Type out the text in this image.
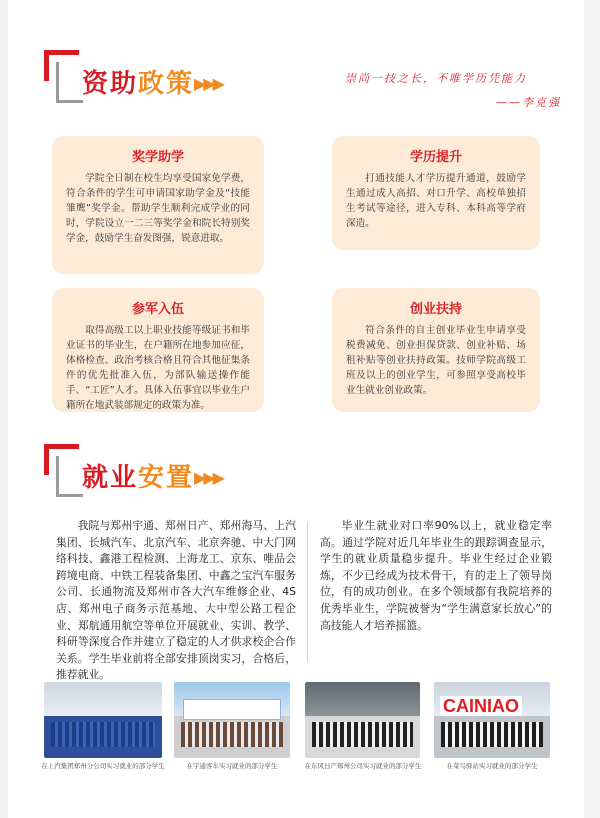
资助政策 ▶▶▶	崇尚一技之长，不唯学历凭能力
——李克强
奖学助学
学院全日制在校生均享受国家免学费，符合条件的学生可申请国家助学金及“技能雏鹰”奖学金。帮助学生顺利完成学业的同时，学院设立一二三等奖学金和院长特别奖学金，鼓励学生奋发图强，锐意进取。
学历提升
打通技能人才学历提升通道，鼓励学生通过成人高招、对口升学、高校单独招生考试等途径，进入专科、本科高等学府深造。
参军入伍
取得高级工以上职业技能等级证书和毕业证书的毕业生，在户籍所在地参加应征，体格检查、政治考核合格且符合其他征集条件的优先批准入伍，为部队输送操作能手、“工匠”人才。具体入伍事宜以毕业生户籍所在地武装部规定的政策为准。
创业扶持
符合条件的自主创业毕业生申请享受税费减免、创业担保贷款、创业补贴、场租补贴等创业扶持政策。技师学院高级工班及以上的创业学生，可参照享受高校毕业生就业创业政策。
就业安置 ▶▶▶
我院与郑州宇通、郑州日产、郑州海马、上汽集团、长城汽车、北京汽车、北京奔驰、中大门网络科技、鑫港工程检测、上海龙工、京东、唯品会跨境电商、中铁工程装备集团、中鑫之宝汽车服务公司、长通物流及郑州市各大汽车维修企业、4S店、郑州电子商务示范基地、大中型公路工程企业、郑航通用航空等单位开展就业、实训、教学、科研等深度合作并建立了稳定的人才供求校企合作关系。学生毕业前将全部安排顶岗实习，合格后，推荐就业。
毕业生就业对口率90%以上，就业稳定率高。通过学院对近几年毕业生的跟踪调查显示，学生的就业质量稳步提升。毕业生经过企业锻炼，不少已经成为技术骨干，有的走上了领导岗位，有的成功创业。在多个领域都有我院培养的优秀毕业生，学院被誉为“学生满意家长放心”的高技能人才培养摇篮。
CAINIAO
在上汽集团郑州分公司实习就业的部分学生	在宇通客车实习就业的部分学生	在东风日产郑州公司实习就业的部分学生	在菜鸟驿站实习就业的部分学生
